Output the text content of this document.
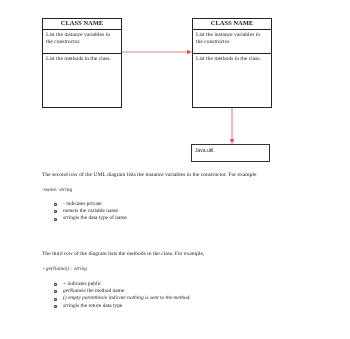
CLASS NAME
List the instance variables in the constructor.
List the methods in the class.
CLASS NAME
List the instance variables in the constructor.
List the methods in the class.
Java.util.
The second row of the UML diagram lists the instance variables in the constructor. For example
-name: string
- indicates private
name is the variable name
string is the data type of name
The third row of the diagram lists the methods in the class. For example,
+getName() : string
+ indicates public
getName is the method name
() empty parenthesie indicate nothing is sent to the method.
string is the return data type
